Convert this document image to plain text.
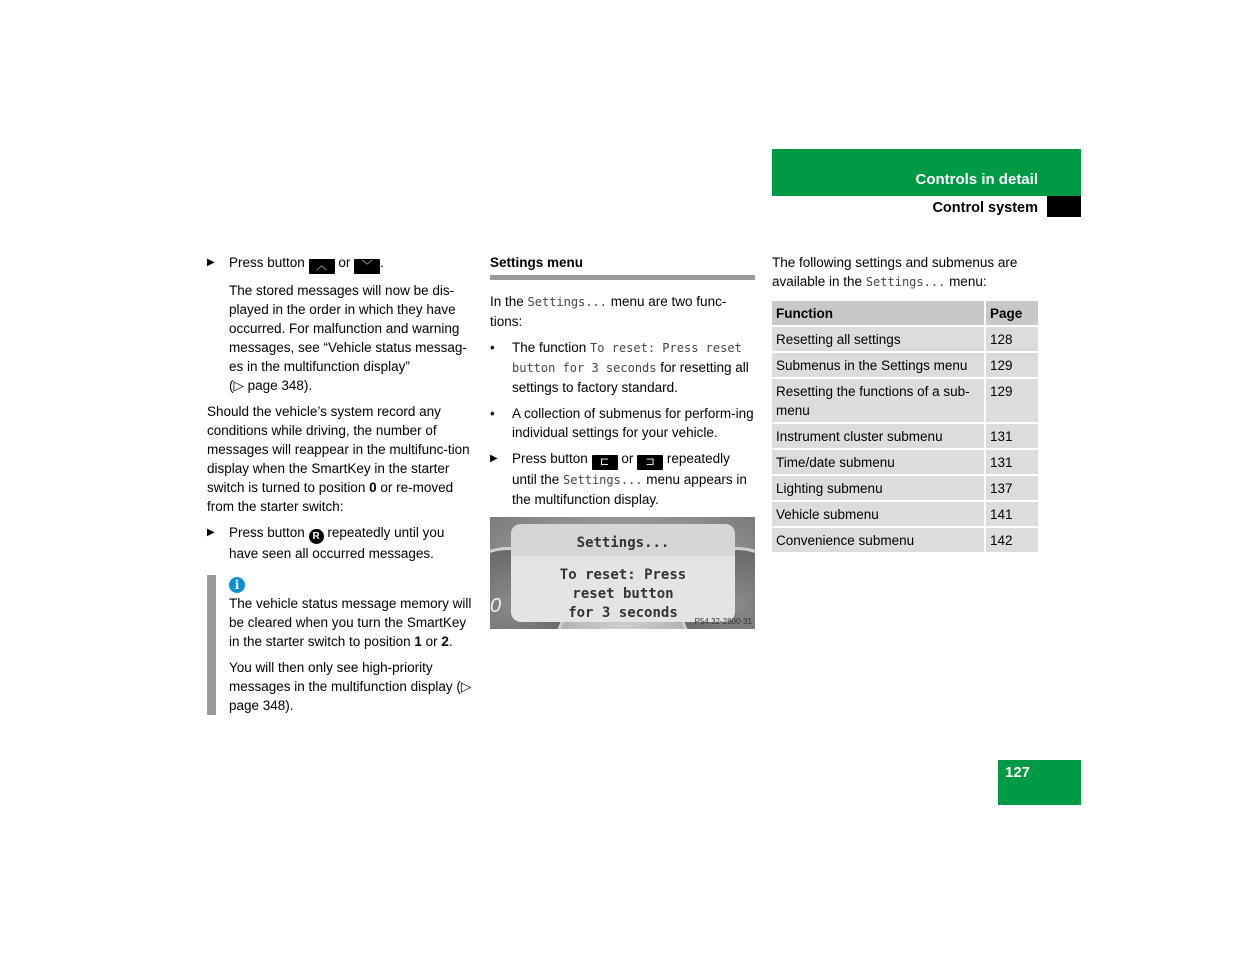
Controls in detail
Control system
▶ Press button ︿ or ﹀ .

The stored messages will now be dis-played in the order in which they have occurred. For malfunction and warning messages, see “Vehicle status messag-es in the multifunction display”
(▷ page 348).

Should the vehicle’s system record any conditions while driving, the number of messages will reappear in the multifunc-tion display when the SmartKey in the starter switch is turned to position 0 or re-moved from the starter switch:

▶ Press button R repeatedly until you have seen all occurred messages.
i

The vehicle status message memory will be cleared when you turn the SmartKey in the starter switch to position 1 or 2.

You will then only see high-priority messages in the multifunction display (▷ page 348).

Settings menu

In the Settings... menu are two func-tions:

• The function To reset: Press reset button for 3 seconds for resetting all settings to factory standard.
• A collection of submenus for perform-ing individual settings for your vehicle.
▶ Press button ⊏ or ⊐ repeatedly until the Settings... menu appears in the multifunction display.
0
Settings...
To reset: Press
reset button
for 3 seconds
P54.32-2800-31

The following settings and submenus are available in the Settings... menu:

Function	Page
Resetting all settings	128
Submenus in the Settings menu	129
Resetting the functions of a sub-menu	129
Instrument cluster submenu	131
Time/date submenu	131
Lighting submenu	137
Vehicle submenu	141
Convenience submenu	142
127
